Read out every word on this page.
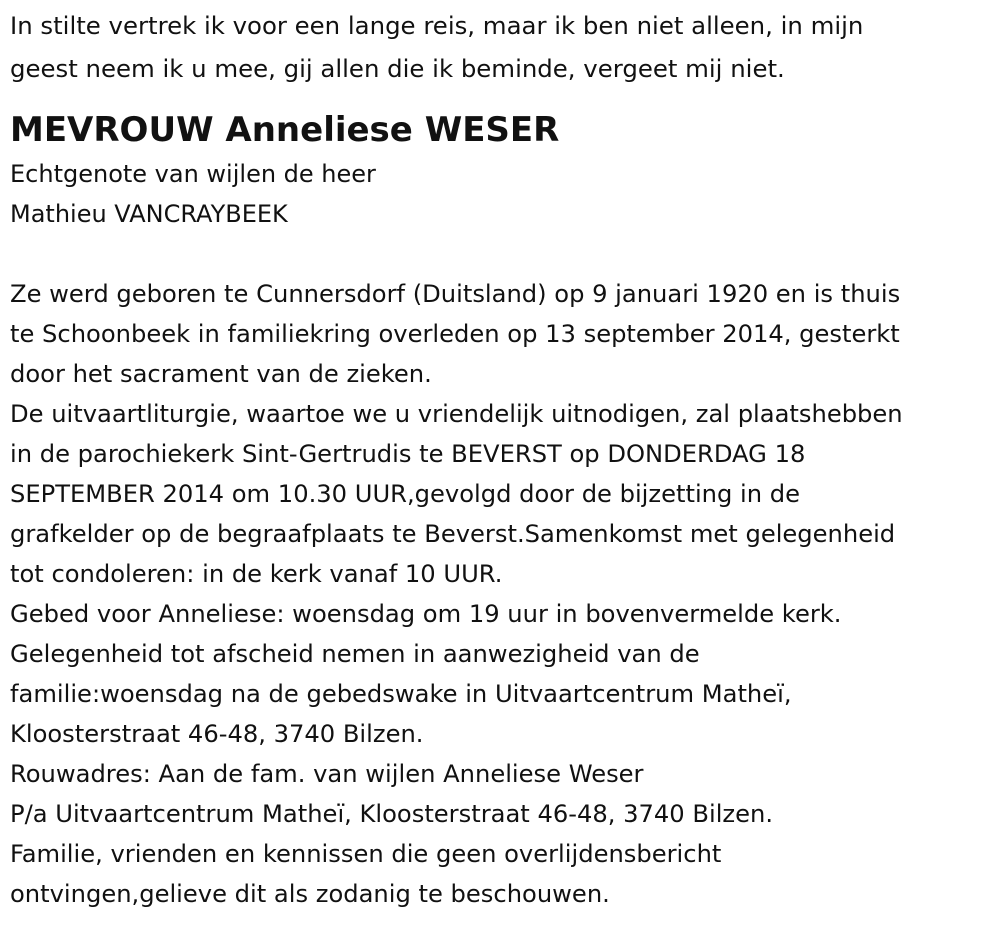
In stilte vertrek ik voor een lange reis, maar ik ben niet alleen, in mijn

geest neem ik u mee, gij allen die ik beminde, vergeet mij niet.

MEVROUW Anneliese WESER

Echtgenote van wijlen de heer

Mathieu VANCRAYBEEK

Ze werd geboren te Cunnersdorf (Duitsland) op 9 januari 1920 en is thuis

te Schoonbeek in familiekring overleden op 13 september 2014, gesterkt

door het sacrament van de zieken.

De uitvaartliturgie, waartoe we u vriendelijk uitnodigen, zal plaatshebben

in de parochiekerk Sint-Gertrudis te BEVERST op DONDERDAG 18

SEPTEMBER 2014 om 10.30 UUR,gevolgd door de bijzetting in de

grafkelder op de begraafplaats te Beverst.Samenkomst met gelegenheid

tot condoleren: in de kerk vanaf 10 UUR.

Gebed voor Anneliese: woensdag om 19 uur in bovenvermelde kerk.

Gelegenheid tot afscheid nemen in aanwezigheid van de

familie:woensdag na de gebedswake in Uitvaartcentrum Matheï,

Kloosterstraat 46-48, 3740 Bilzen.

Rouwadres: Aan de fam. van wijlen Anneliese Weser

P/a Uitvaartcentrum Matheï, Kloosterstraat 46-48, 3740 Bilzen.

Familie, vrienden en kennissen die geen overlijdensbericht

ontvingen,gelieve dit als zodanig te beschouwen.
